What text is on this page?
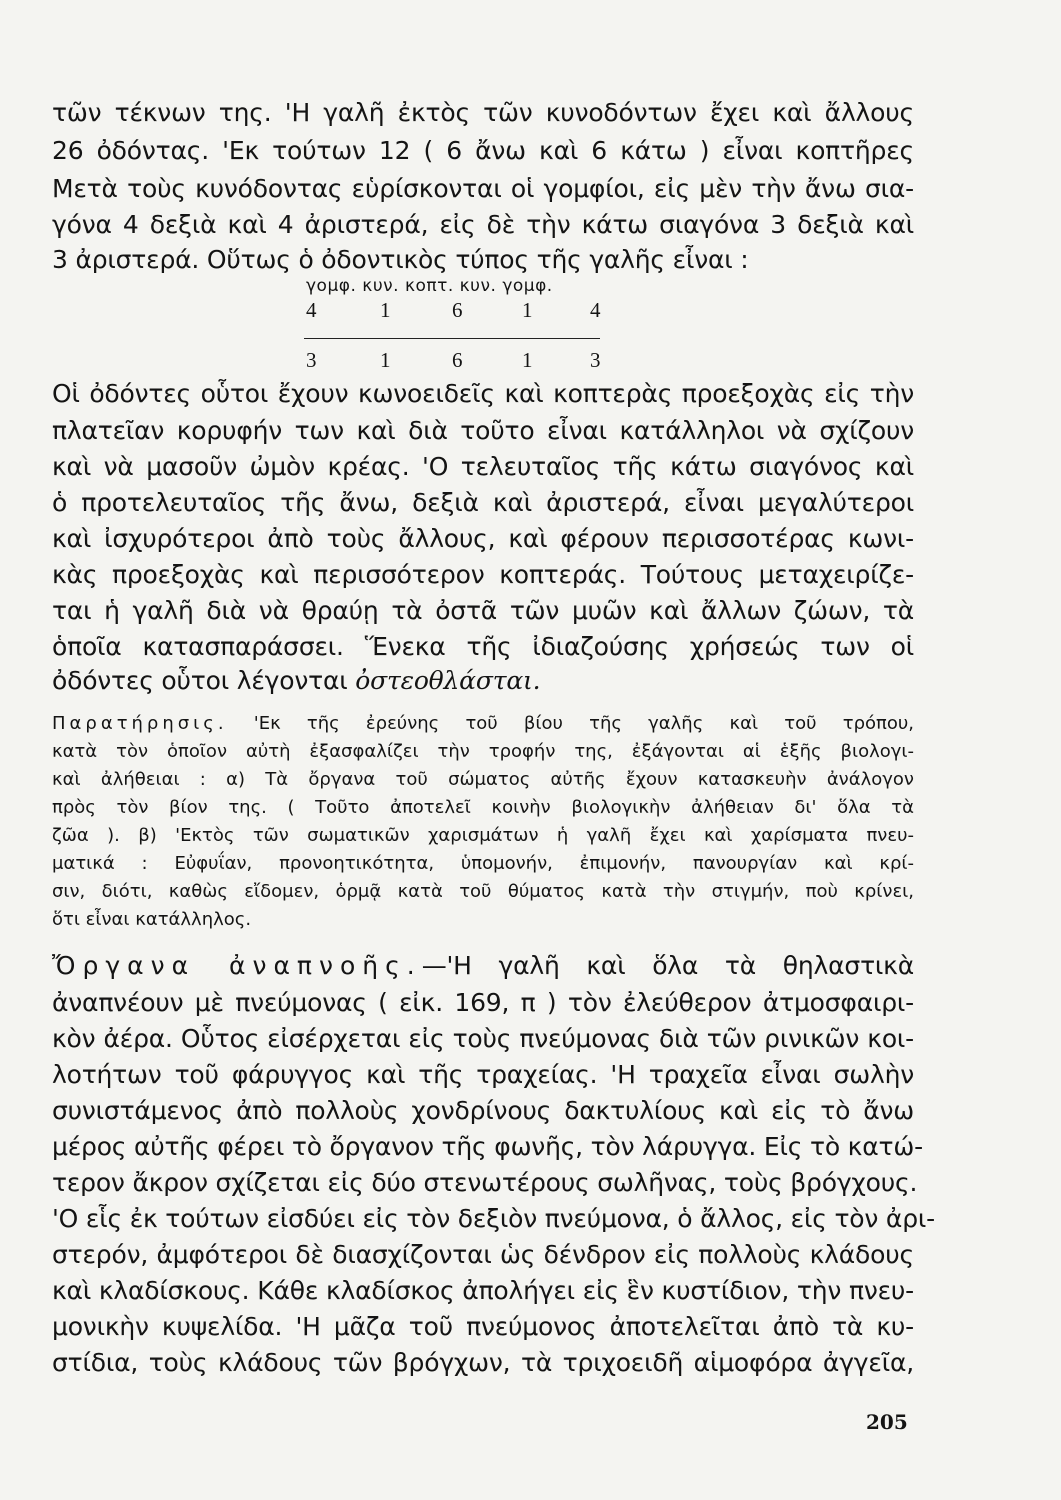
τῶν τέκνων της. 'Η γαλῆ ἐκτὸς τῶν κυνοδόντων ἔχει καὶ ἄλλους
26 ὀδόντας. 'Εκ τούτων 12 ( 6 ἄνω καὶ 6 κάτω ) εἶναι κοπτῆρες
Μετὰ τοὺς κυνόδοντας εὑρίσκονται οἱ γομφίοι, εἰς μὲν τὴν ἄνω σια-
γόνα 4 δεξιὰ καὶ 4 ἀριστερά, εἰς δὲ τὴν κάτω σιαγόνα 3 δεξιὰ καὶ
3 ἀριστερά. Οὕτως ὁ ὀδοντικὸς τύπος τῆς γαλῆς εἶναι :
γομφ. κυν. κοπτ. κυν. γομφ.
4	1	6	1	4
3	1	6	1	3
Οἱ ὀδόντες οὗτοι ἔχουν κωνοειδεῖς καὶ κοπτερὰς προεξοχὰς εἰς τὴν
πλατεῖαν κορυφήν των καὶ διὰ τοῦτο εἶναι κατάλληλοι νὰ σχίζουν
καὶ νὰ μασοῦν ὠμὸν κρέας. 'Ο τελευταῖος τῆς κάτω σιαγόνος καὶ
ὁ προτελευταῖος τῆς ἄνω, δεξιὰ καὶ ἀριστερά, εἶναι μεγαλύτεροι
καὶ ἰσχυρότεροι ἀπὸ τοὺς ἄλλους, καὶ φέρουν περισσοτέρας κωνι-
κὰς προεξοχὰς καὶ περισσότερον κοπτεράς. Τούτους μεταχειρίζε-
ται ἡ γαλῆ διὰ νὰ θραύῃ τὰ ὀστᾶ τῶν μυῶν καὶ ἄλλων ζώων, τὰ
ὁποῖα κατασπαράσσει. Ἕνεκα τῆς ἰδιαζούσης χρήσεώς των οἱ
ὀδόντες οὗτοι λέγονται ὀστεοθλάσται.
Παρατήρησις. 'Εκ τῆς ἐρεύνης τοῦ βίου τῆς γαλῆς καὶ τοῦ τρόπου,
κατὰ τὸν ὁποῖον αὐτὴ ἐξασφαλίζει τὴν τροφήν της, ἐξάγονται αἱ ἑξῆς βιολογι-
καὶ ἀλήθειαι : α) Τὰ ὄργανα τοῦ σώματος αὐτῆς ἔχουν κατασκευὴν ἀνάλογον
πρὸς τὸν βίον της. ( Τοῦτο ἀποτελεῖ κοινὴν βιολογικὴν ἀλήθειαν δι' ὅλα τὰ
ζῶα ). β) 'Εκτὸς τῶν σωματικῶν χαρισμάτων ἡ γαλῆ ἔχει καὶ χαρίσματα πνευ-
ματικά : Εὐφυΐαν, προνοητικότητα, ὑπομονήν, ἐπιμονήν, πανουργίαν καὶ κρί-
σιν, διότι, καθὼς εἴδομεν, ὁρμᾷ κατὰ τοῦ θύματος κατὰ τὴν στιγμήν, ποὺ κρίνει,
ὅτι εἶναι κατάλληλος.
Ὄργανα ἀναπνοῆς.—'Η γαλῆ καὶ ὅλα τὰ θηλαστικὰ
ἀναπνέουν μὲ πνεύμονας ( εἰκ. 169, π ) τὸν ἐλεύθερον ἀτμοσφαιρι-
κὸν ἀέρα. Οὗτος εἰσέρχεται εἰς τοὺς πνεύμονας διὰ τῶν ρινικῶν κοι-
λοτήτων τοῦ φάρυγγος καὶ τῆς τραχείας. 'Η τραχεῖα εἶναι σωλὴν
συνιστάμενος ἀπὸ πολλοὺς χονδρίνους δακτυλίους καὶ εἰς τὸ ἄνω
μέρος αὐτῆς φέρει τὸ ὄργανον τῆς φωνῆς, τὸν λάρυγγα. Εἰς τὸ κατώ-
τερον ἄκρον σχίζεται εἰς δύο στενωτέρους σωλῆνας, τοὺς βρόγχους.
'Ο εἷς ἐκ τούτων εἰσδύει εἰς τὸν δεξιὸν πνεύμονα, ὁ ἄλλος, εἰς τὸν ἀρι-
στερόν, ἀμφότεροι δὲ διασχίζονται ὡς δένδρον εἰς πολλοὺς κλάδους
καὶ κλαδίσκους. Κάθε κλαδίσκος ἀπολήγει εἰς ἓν κυστίδιον, τὴν πνευ-
μονικὴν κυψελίδα. 'Η μᾶζα τοῦ πνεύμονος ἀποτελεῖται ἀπὸ τὰ κυ-
στίδια, τοὺς κλάδους τῶν βρόγχων, τὰ τριχοειδῆ αἱμοφόρα ἀγγεῖα,
205
